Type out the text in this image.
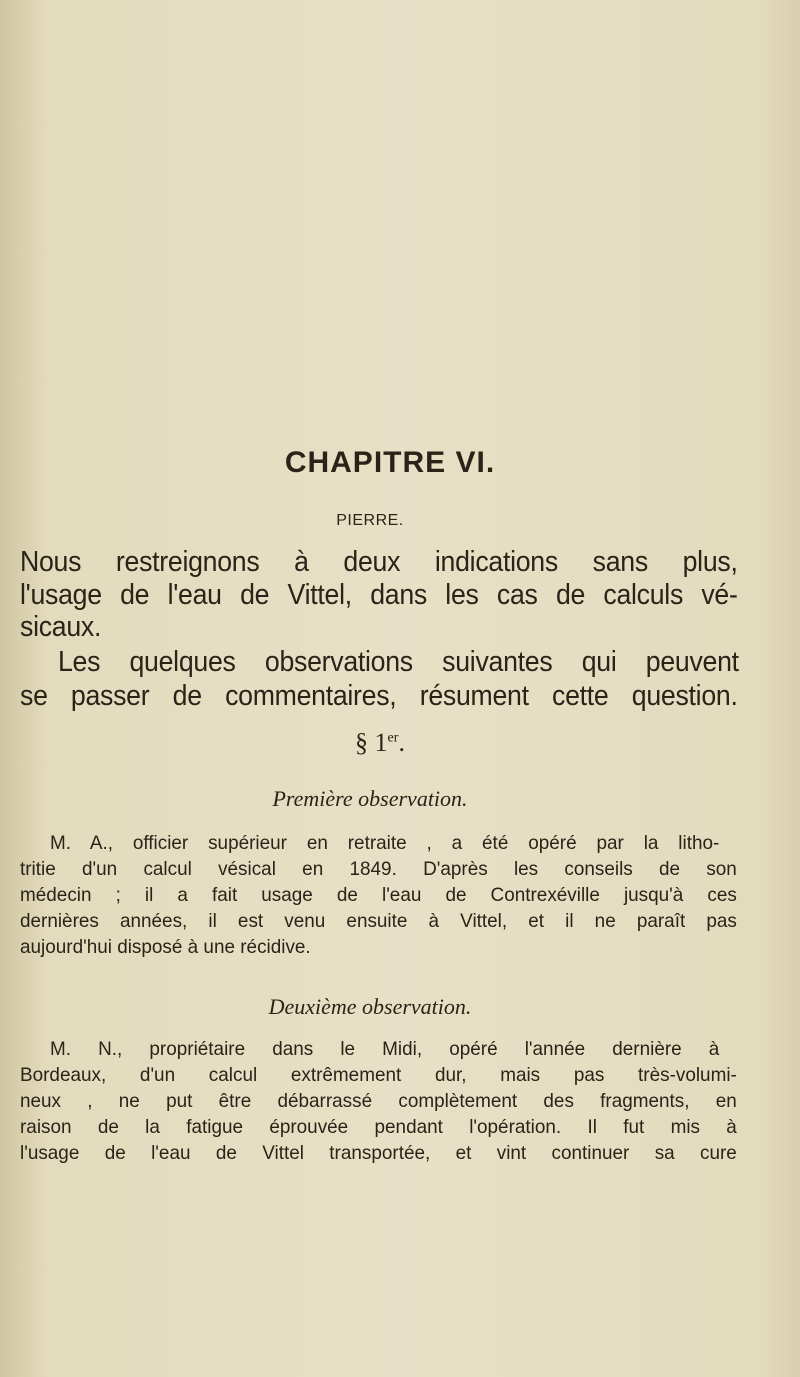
CHAPITRE VI.
PIERRE.
Nous restreignons à deux indications sans plus,
l'usage de l'eau de Vittel, dans les cas de calculs vé-
sicaux.
Les quelques observations suivantes qui peuvent
se passer de commentaires, résument cette question.
§ 1er.
Première observation.
M. A., officier supérieur en retraite , a été opéré par la litho-
tritie d'un calcul vésical en 1849. D'après les conseils de son
médecin ; il a fait usage de l'eau de Contrexéville jusqu'à ces
dernières années, il est venu ensuite à Vittel, et il ne paraît pas
aujourd'hui disposé à une récidive.
Deuxième observation.
M. N., propriétaire dans le Midi, opéré l'année dernière à
Bordeaux, d'un calcul extrêmement dur, mais pas très-volumi-
neux , ne put être débarrassé complètement des fragments, en
raison de la fatigue éprouvée pendant l'opération. Il fut mis à
l'usage de l'eau de Vittel transportée, et vint continuer sa cure
